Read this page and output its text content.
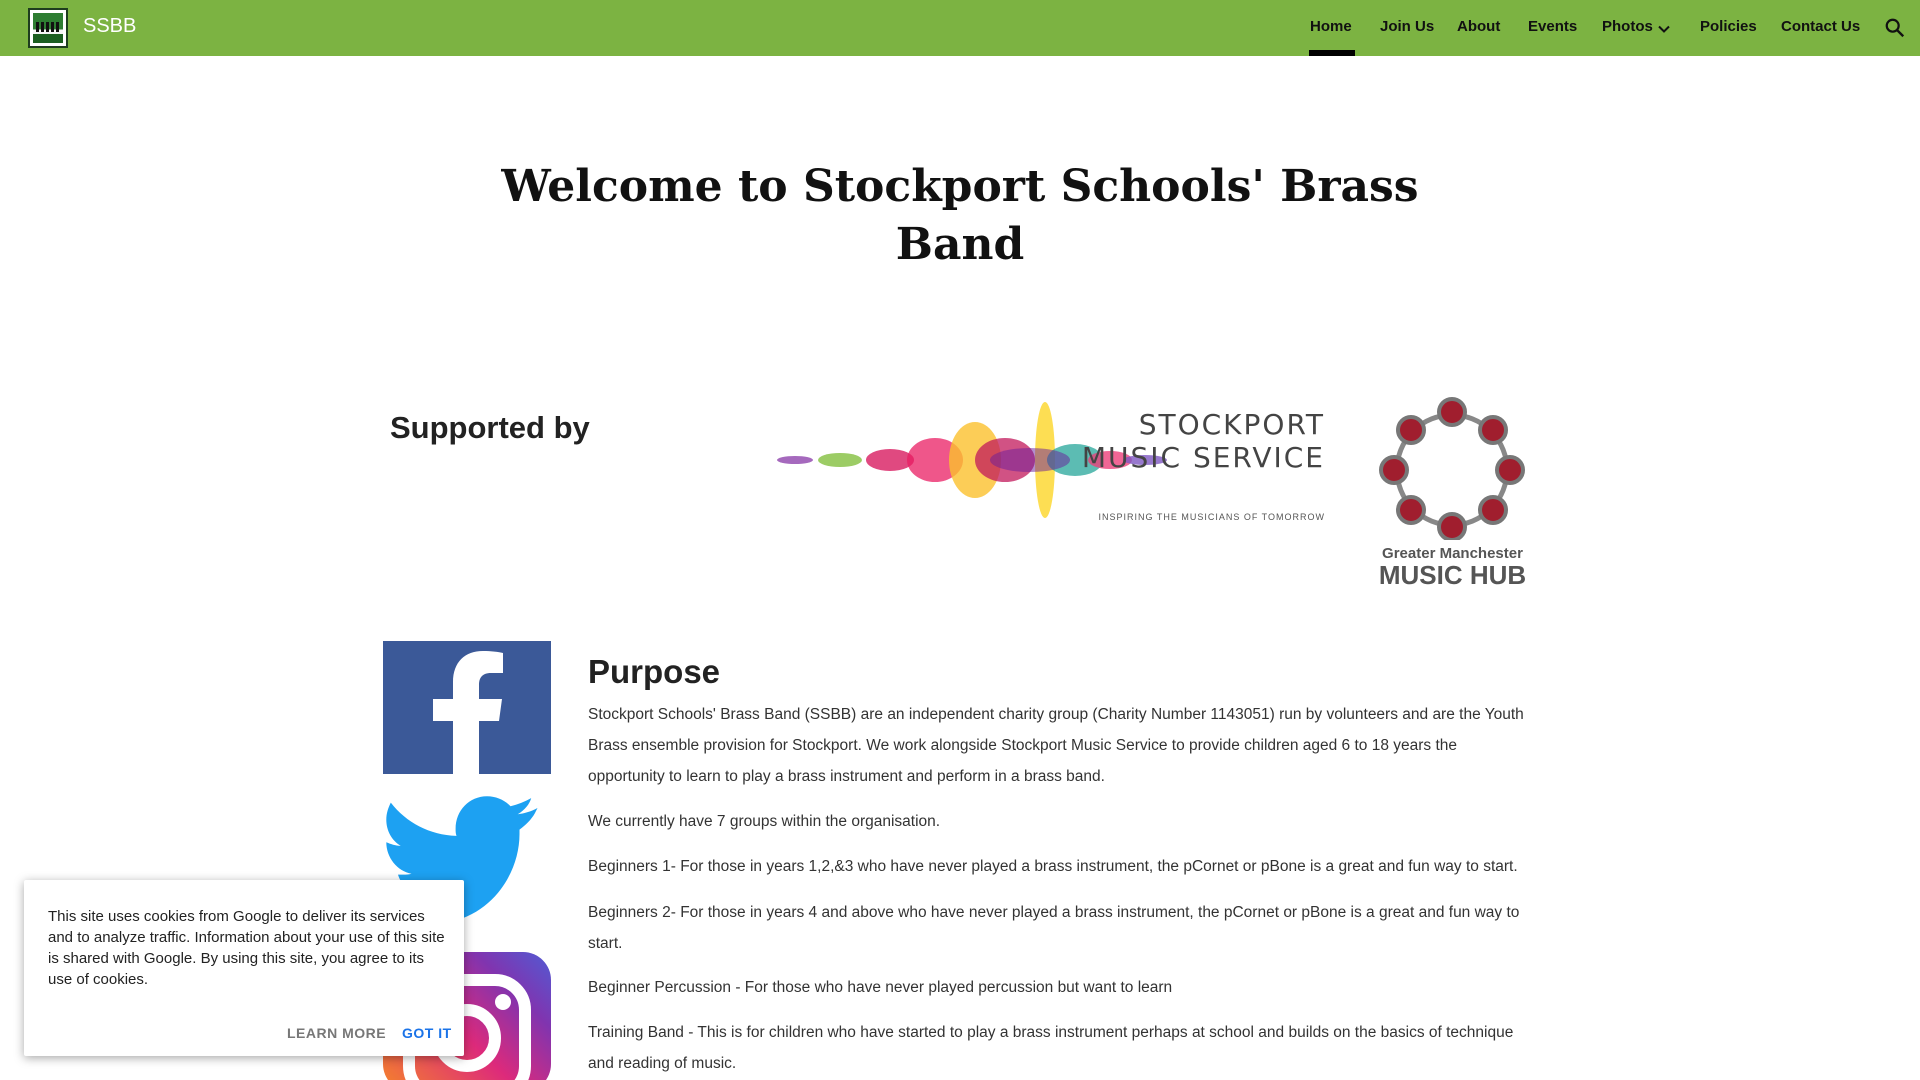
SSBB	Home Join Us About Events Photos	Policies Contact Us
Welcome to Stockport Schools' Brass Band
Supported by	STOCKPORT MUSIC SERVICE
INSPIRING THE MUSICIANS OF TOMORROW
Greater Manchester
MUSIC HUB
Purpose
Stockport Schools' Brass Band (SSBB) are an independent charity group (Charity Number 1143051) run by volunteers and are the Youth Brass ensemble provision for Stockport. We work alongside Stockport Music Service to provide children aged 6 to 18 years the opportunity to learn to play a brass instrument and perform in a brass band.
We currently have 7 groups within the organisation.
Beginners 1- For those in years 1,2,&3 who have never played a brass instrument, the pCornet or pBone is a great and fun way to start.
Beginners 2- For those in years 4 and above who have never played a brass instrument, the pCornet or pBone is a great and fun way to start.
Beginner Percussion - For those who have never played percussion but want to learn
Training Band - This is for children who have started to play a brass instrument perhaps at school and builds on the basics of technique and reading of music.
This site uses cookies from Google to deliver its services and to analyze traffic. Information about your use of this site is shared with Google. By using this site, you agree to its use of cookies.
LEARN MORE GOT IT
